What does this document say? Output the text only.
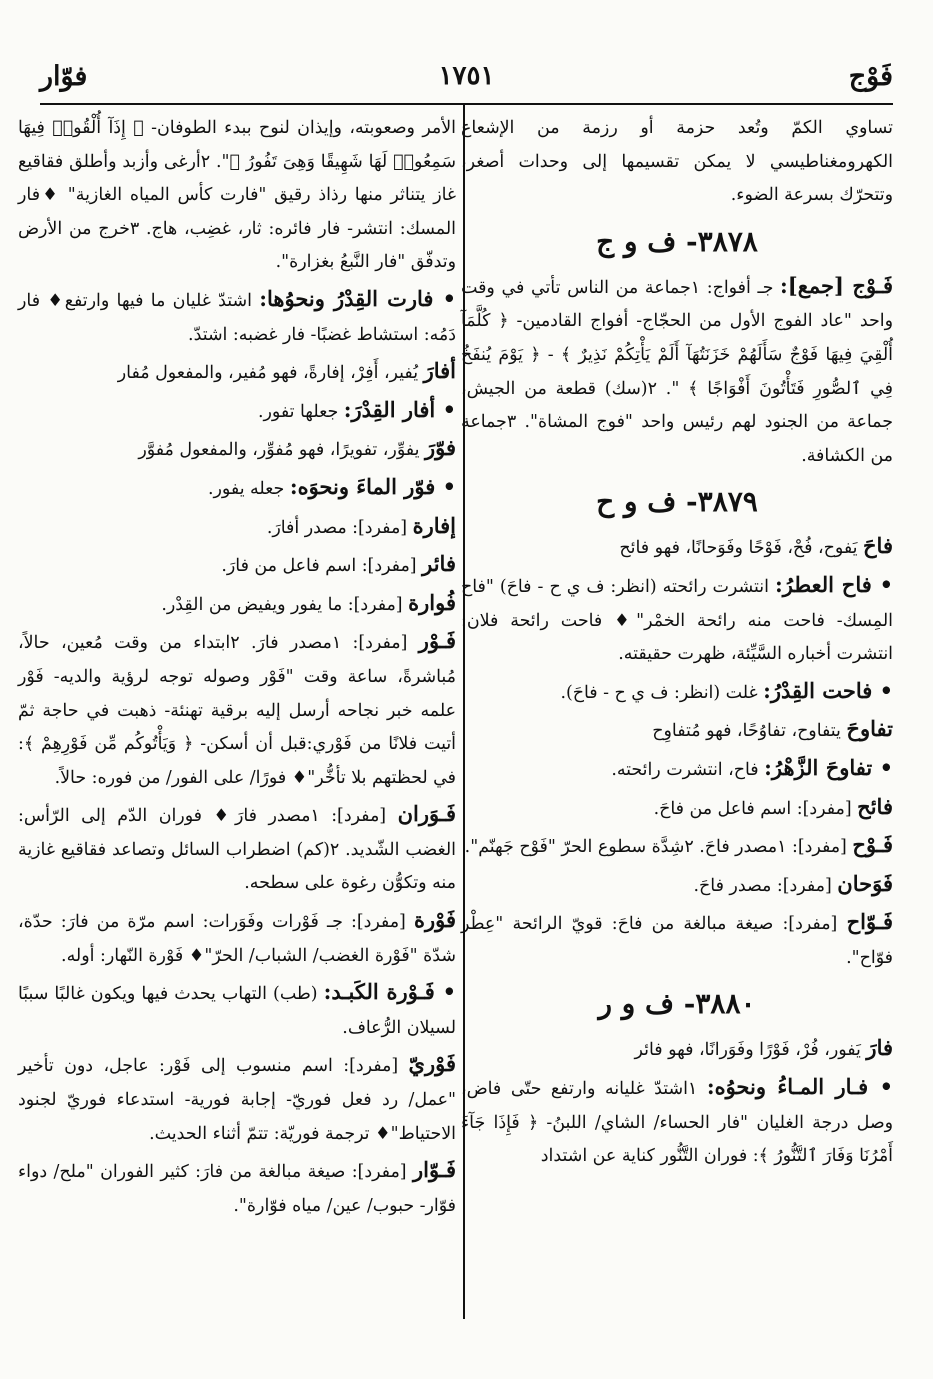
فَوْج
١٧٥١
فوّار
تساوي الكمّ وتُعد حزمة أو رزمة من الإشعاع الكهرومغناطيسي لا يمكن تقسيمها إلى وحدات أصغر، وتتحرّك بسرعة الضوء.
٣٨٧٨- ف و ج
فَـوْج [جمع]: جـ أفواج: ١جماعة من الناس تأتي في وقت واحد "عاد الفوج الأول من الحجّاج- أفواج القادمين- ﴿ كُلَّمَآ أُلْقِيَ فِيهَا فَوْجٌ سَأَلَهُمْ خَزَنَتُهَآ أَلَمْ يَأْتِكُمْ نَذِيرٌ ﴾ - ﴿ يَوْمَ يُنفَخُ فِي ٱلصُّورِ فَتَأْتُونَ أَفْوَاجًا ﴾ ". ٢(سك) قطعة من الجيش، جماعة من الجنود لهم رئيس واحد "فوج المشاة". ٣جماعة من الكشافة.
٣٨٧٩- ف و ح
فاحَ يَفوح، فُحْ، فَوْحًا وفَوَحانًا، فهو فائح
• فاح العطرُ: انتشرت رائحته (انظر: ف ي ح - فاحَ) "فاح المِسك- فاحت منه رائحة الخمْر"♦ فاحت رائحة فلان: انتشرت أخباره السَّيِّئة، ظهرت حقيقته.
• فاحت القِدْرُ: غلت (انظر: ف ي ح - فاحَ).
تفاوحَ يتفاوح، تفاوُحًا، فهو مُتفاوِح
• تفاوحَ الزَّهْرُ: فاح، انتشرت رائحته.
فائح [مفرد]: اسم فاعل من فاحَ.
فَـوْح [مفرد]: ١مصدر فاحَ. ٢شِدَّة سطوع الحرّ "فَوْح جَهنّم".
فَوَحان [مفرد]: مصدر فاحَ.
فَـوّاح [مفرد]: صيغة مبالغة من فاحَ: قويّ الرائحة "عِطْر فوّاح".
٣٨٨٠- ف و ر
فارَ يَفور، فُرْ، فَوْرًا وفَوَرانًا، فهو فائر
• فـار المـاءُ ونحوُه: ١اشتدّ غليانه وارتفع حتّى فاض، وصل درجة الغليان "فار الحساء/ الشاي/ اللبنُ- ﴿ فَإِذَا جَآءَ أَمْرُنَا وَفَارَ ٱلتَّنُّورُ ﴾: فوران التَّنُّور كناية عن اشتداد
الأمر وصعوبته، وإيذان لنوح ببدء الطوفان- ﴿ إِذَآ أُلْقُوا۟ فِيهَا سَمِعُوا۟ لَهَا شَهِيقًا وَهِىَ تَفُورُ ﴾". ٢أرغى وأزبد وأطلق فقاقيع غاز يتناثر منها رذاذ رقيق "فارت كأس المياه الغازية" ♦فار المسك: انتشر- فار فائره: ثار، غضِب، هاج. ٣خرج من الأرض وتدفّق "فار النَّبعُ بغزارة".
• فارت القِدْرُ ونحوُها: اشتدّ غليان ما فيها وارتفع♦ فار دَمُه: استشاط غضبًا- فار غضبه: اشتدّ.
أفارَ يُفير، أَفِرْ، إفارةً، فهو مُفير، والمفعول مُفار
• أفار القِدْرَ: جعلها تفور.
فوّرَ يفوِّر، تفويرًا، فهو مُفوِّر، والمفعول مُفوَّر
• فوّر الماءَ ونحوَه: جعله يفور.
إفارة [مفرد]: مصدر أفارَ.
فائر [مفرد]: اسم فاعل من فارَ.
فُوارة [مفرد]: ما يفور ويفيض من القِدْر.
فَـوْر [مفرد]: ١مصدر فارَ. ٢ابتداء من وقت مُعين، حالاً، مُباشرةً، ساعة وقت "فَوْر وصوله توجه لرؤية والديه- فَوْر علمه خبر نجاحه أرسل إليه برقية تهنئة- ذهبت في حاجة ثمّ أتيت فلانًا من فَوْري:قبل أن أسكن- ﴿ وَيَأْتُوكُم مِّن فَوْرِهِمْ ﴾: في لحظتهم بلا تأخُّر"♦ فورًا/ على الفور/ من فوره: حالاً.
فَـوَران [مفرد]: ١مصدر فارَ♦ فوران الدّم إلى الرّأس: الغضب الشّديد. ٢(كم) اضطراب السائل وتصاعد فقاقيع غازية منه وتكوُّن رغوة على سطحه.
فَوْرة [مفرد]: جـ فَوْرات وفَوَرات: اسم مرّة من فارَ: حدّة، شدّة "فَوْرة الغضب/ الشباب/ الحرّ"♦ فَوْرة النّهار: أوله.
• فَـوْرة الكَبـد: (طب) التهاب يحدث فيها ويكون غالبًا سببًا لسيلان الرُّعاف.
فَوْريّ [مفرد]: اسم منسوب إلى فَوْر: عاجل، دون تأخير "عمل/ رد فعل فوريّ- إجابة فورية- استدعاء فوريّ لجنود الاحتياط"♦ ترجمة فوريّة: تتمّ أثناء الحديث.
فَـوّار [مفرد]: صيغة مبالغة من فارَ: كثير الفوران "ملح/ دواء فوّار- حبوب/ عين/ مياه فوّارة".
